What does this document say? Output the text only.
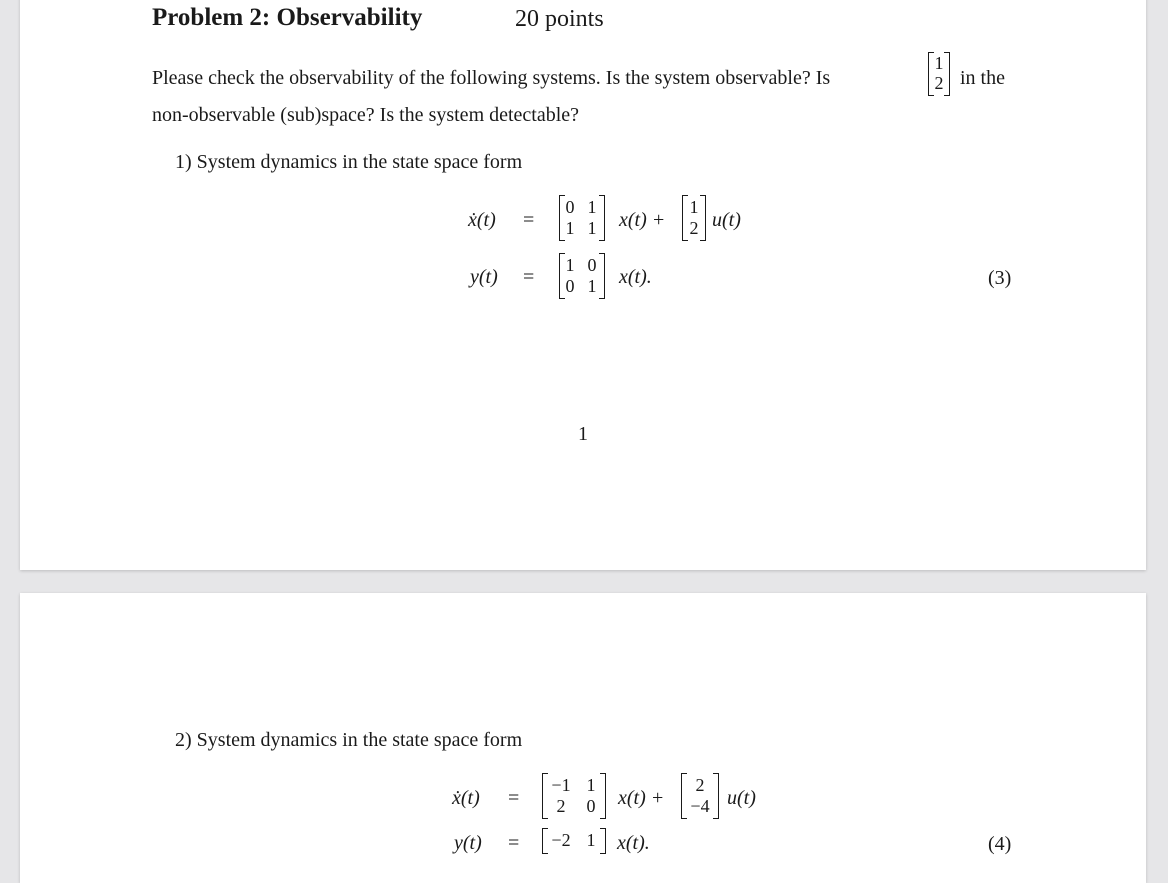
Problem 2: Observability	20 points
Please check the observability of the following systems. Is the system observable? Is
1
2 in the
non-observable (sub)space? Is the system detectable?
1) System dynamics in the state space form
ẋ(t) =
0 1
1 1 x(t) +
1
2 u(t)
y(t) =
1 0
0 1 x(t).	(3)
1
2) System dynamics in the state space form
ẋ(t) =
−1 1
2	0 x(t) +
2
−4 u(t)
y(t) = −2 1 x(t).	(4)
